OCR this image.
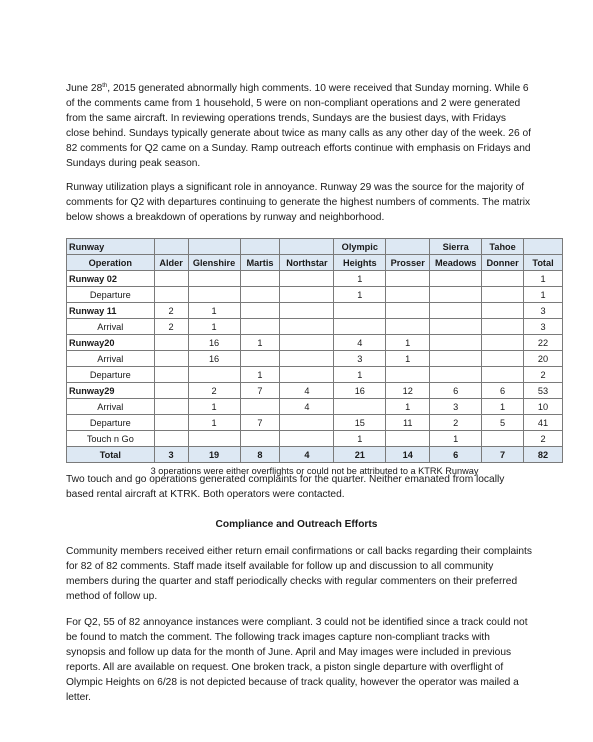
June 28th, 2015 generated abnormally high comments. 10 were received that Sunday morning. While 6 of the comments came from 1 household, 5 were on non-compliant operations and 2 were generated from the same aircraft. In reviewing operations trends, Sundays are the busiest days, with Fridays close behind. Sundays typically generate about twice as many calls as any other day of the week. 26 of 82 comments for Q2 came on a Sunday. Ramp outreach efforts continue with emphasis on Fridays and Sundays during peak season.

Runway utilization plays a significant role in annoyance. Runway 29 was the source for the majority of comments for Q2 with departures continuing to generate the highest numbers of comments. The matrix below shows a breakdown of operations by runway and neighborhood.

Runway					Olympic		Sierra	Tahoe	
Operation	Alder	Glenshire	Martis	Northstar	Heights	Prosser	Meadows	Donner	Total
Runway 02					1				1
Departure					1				1
Runway 11	2	1							3
Arrival	2	1							3
Runway20		16	1		4	1			22
Arrival		16			3	1			20
Departure			1		1				2
Runway29		2	7	4	16	12	6	6	53
Arrival		1		4		1	3	1	10
Departure		1	7		15	11	2	5	41
Touch n Go					1		1		2
Total	3	19	8	4	21	14	6	7	82
3 operations were either overflights or could not be attributed to a KTRK Runway									

Two touch and go operations generated complaints for the quarter. Neither emanated from locally based rental aircraft at KTRK. Both operators were contacted.

Compliance and Outreach Efforts

Community members received either return email confirmations or call backs regarding their complaints for 82 of 82 comments. Staff made itself available for follow up and discussion to all community members during the quarter and staff periodically checks with regular commenters on their preferred method of follow up.

For Q2, 55 of 82 annoyance instances were compliant. 3 could not be identified since a track could not be found to match the comment. The following track images capture non-compliant tracks with synopsis and follow up data for the month of June. April and May images were included in previous reports. All are available on request. One broken track, a piston single departure with overflight of Olympic Heights on 6/28 is not depicted because of track quality, however the operator was mailed a letter.
